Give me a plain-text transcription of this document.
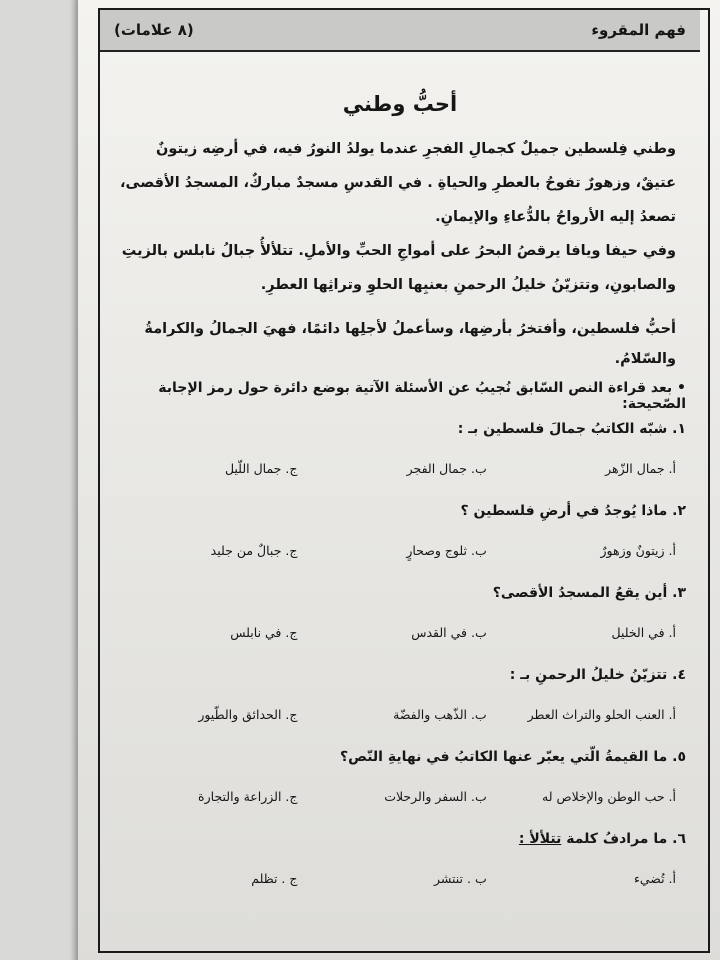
فهم المقروء
(٨ علامات)
أحبُّ وطني

وطني فِلسطين جميلٌ كجمالِ الفجرِ عندما يولدُ النورُ فيه، في أرضِه زيتونٌ عتيقٌ، وزهورٌ تفوحُ بالعطرِ والحياةِ . في القدسِ مسجدٌ مباركٌ، المسجدُ الأقصى، تصعدُ إليه الأرواحُ بالدُّعاءِ والإيمانِ.

وفي حيفا ويافا يرقصُ البحرُ على أمواجِ الحبِّ والأملِ. تتلألأُ جبالُ نابلس بالزيتِ والصابونِ، وتتزيّنُ خليلُ الرحمنِ بعنبِها الحلوِ وتراثِها العطرِ.

أحبُّ فلسطين، وأفتخرُ بأرضِها، وسأعملُ لأجلِها دائمًا، فهيَ الجمالُ والكرامةُ والسّلامُ.

• بعد قراءة النص السّابق نُجيبُ عن الأسئلة الآتية بوضع دائرة حول رمز الإجابة الصّحيحة:

١. شبّه الكاتبُ جمالَ فلسطين بـ :
أ. جمال الزّهر
ب. جمال الفجر
ج. جمال اللّيل
٢. ماذا يُوجدُ في أرضِ فلسطين ؟
أ. زيتونٌ وزهورٌ
ب. ثلوج وصحارٍ
ج. جبالٌ من جليد
٣. أين يقعُ المسجدُ الأقصى؟
أ. في الخليل
ب. في القدس
ج. في نابلس
٤. تتزيّنُ خليلُ الرحمنِ بـ :
أ. العنب الحلو والتراث العطر
ب. الذّهب والفضّة
ج. الحدائق والطّيور
٥. ما القيمةُ الّتي يعبّر عنها الكاتبُ في نهايةِ النّص؟
أ. حب الوطن والإخلاص له
ب. السفر والرحلات
ج. الزراعة والتجارة
٦. ما مرادفُ كلمة تتلألأ :
أ. تُضيء
ب . تنتشر
ج . تظلم
